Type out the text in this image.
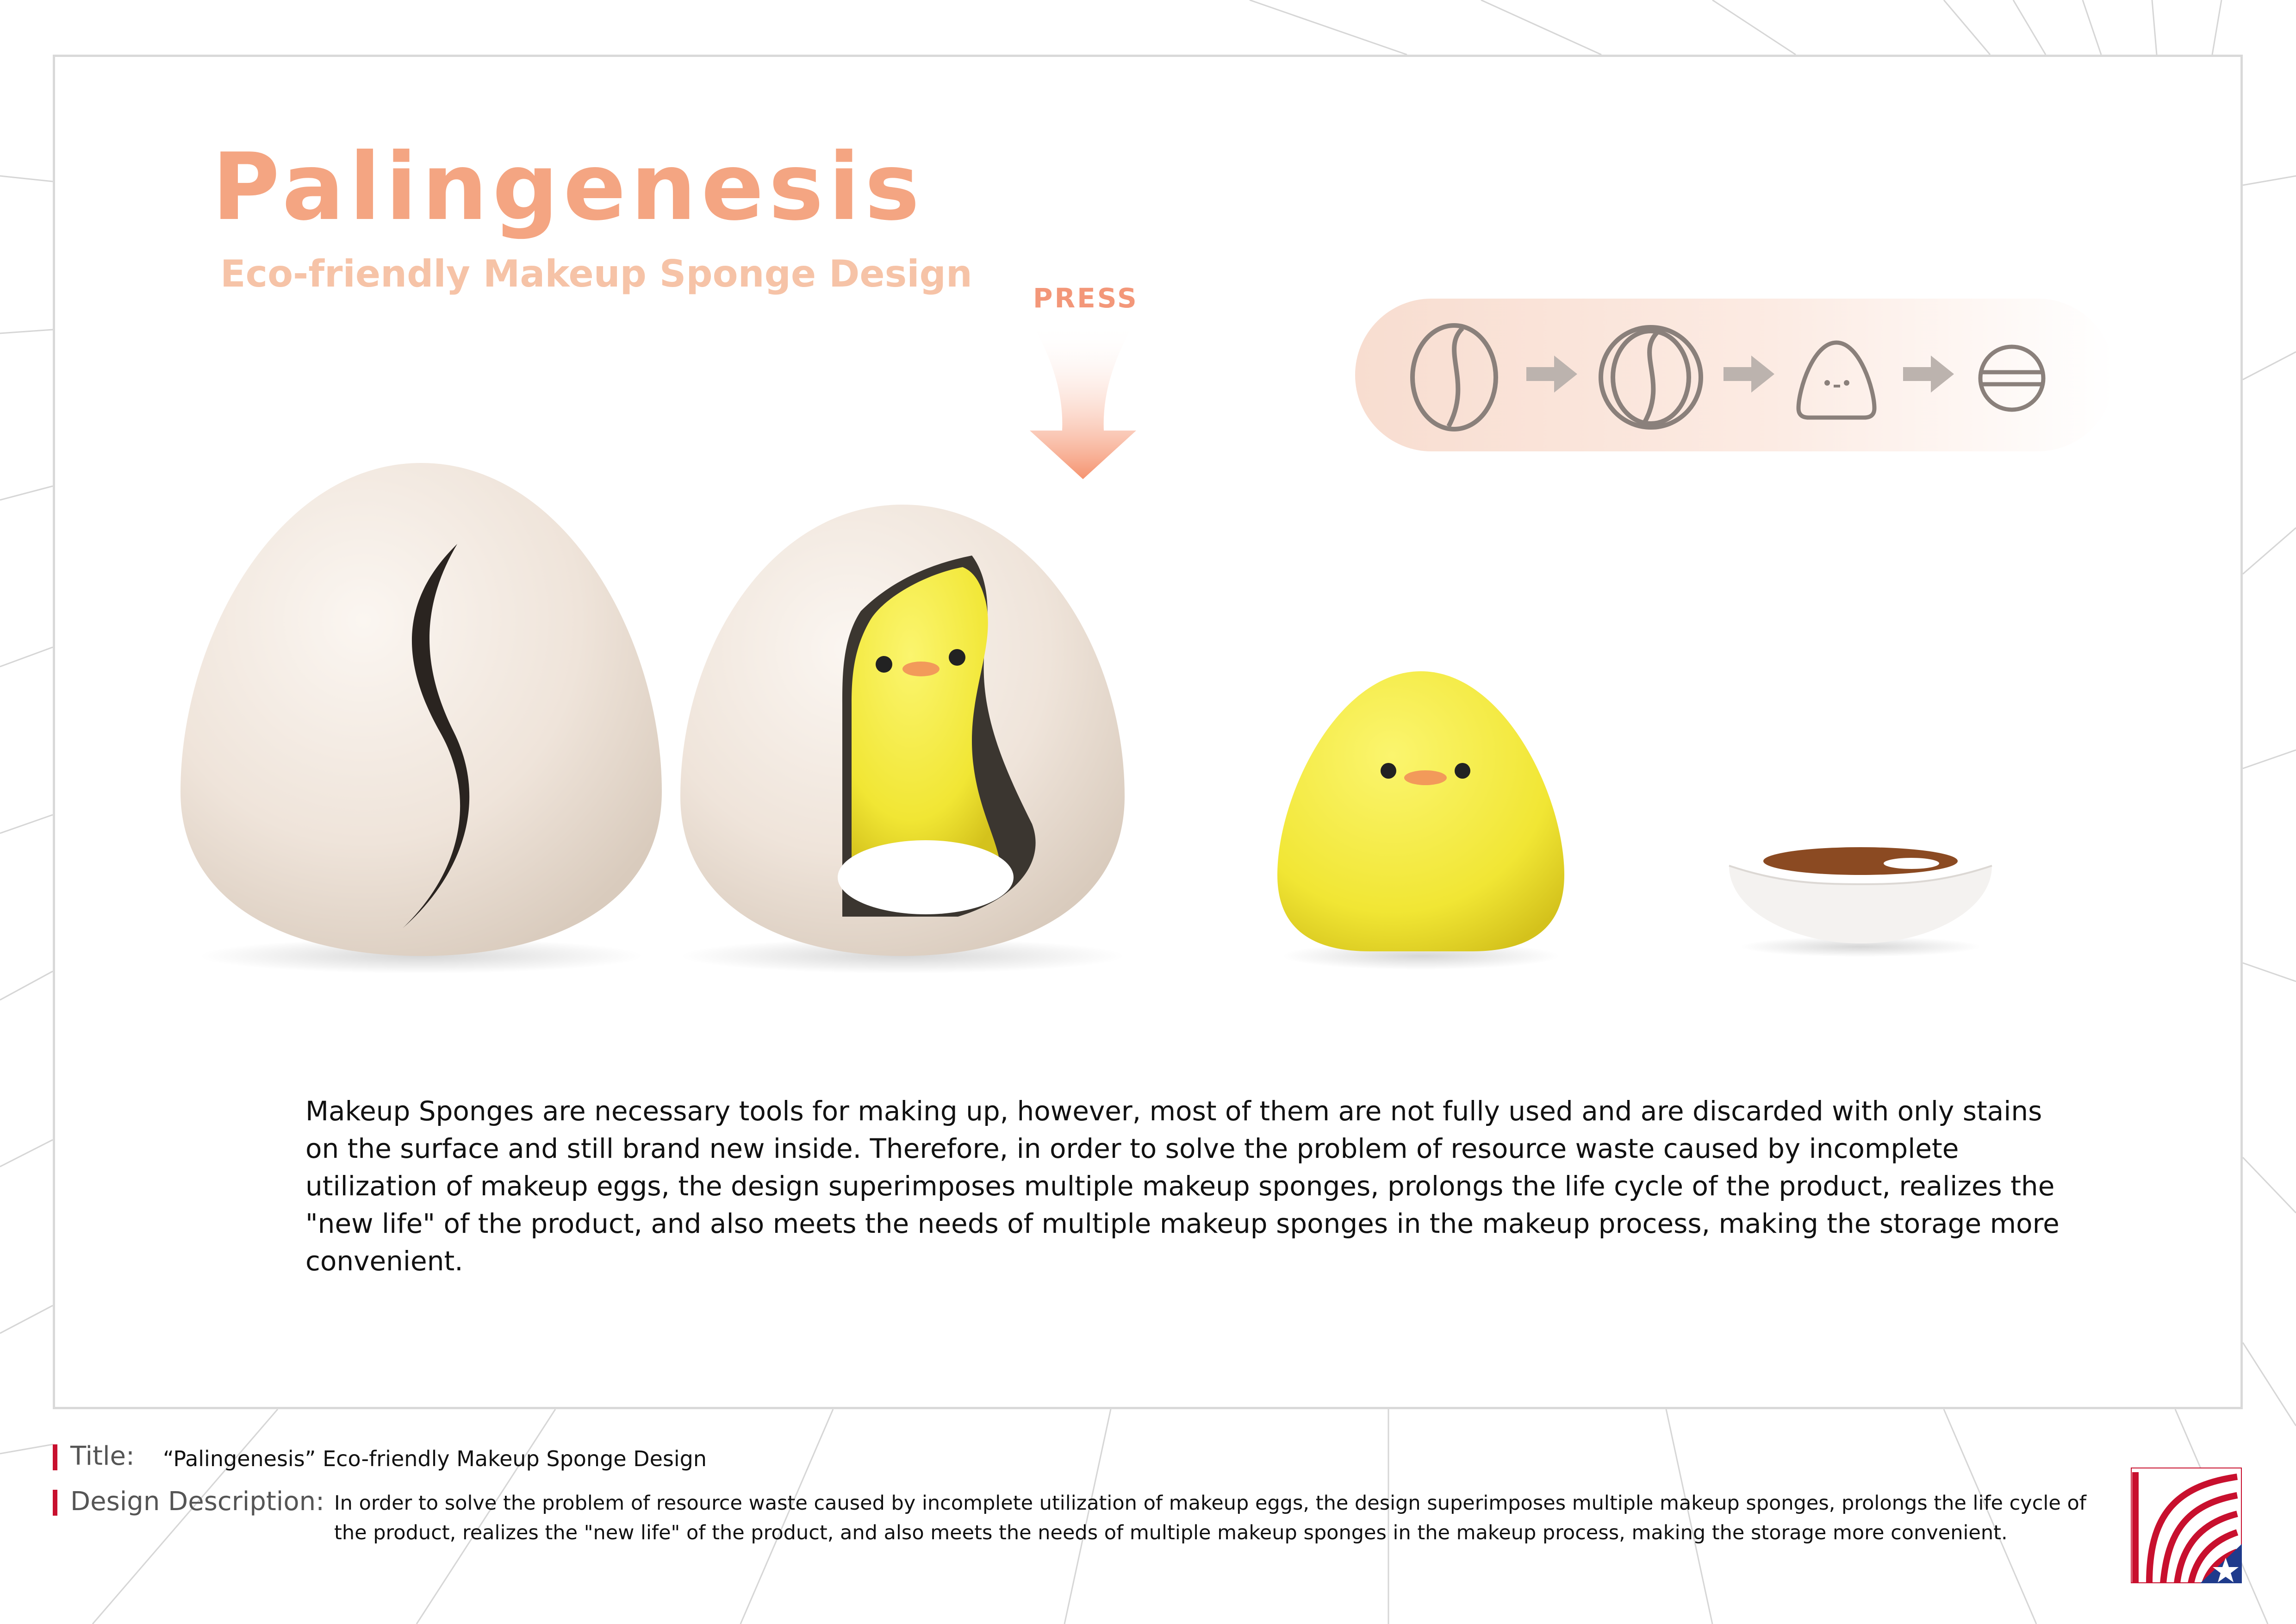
Palingenesis
Eco-friendly Makeup Sponge Design
PRESS

Makeup Sponges are necessary tools for making up, however, most of them are not fully used and are discarded with only stains on the surface and still brand new inside. Therefore, in order to solve the problem of resource waste caused by incomplete utilization of makeup eggs, the design superimposes multiple makeup sponges, prolongs the life cycle of the product, realizes the "new life" of the product, and also meets the needs of multiple makeup sponges in the makeup process, making the storage more convenient.

Title: “Palingenesis” Eco-friendly Makeup Sponge Design
Design Description: In order to solve the problem of resource waste caused by incomplete utilization of makeup eggs, the design superimposes multiple makeup sponges, prolongs the life cycle of the product, realizes the "new life" of the product, and also meets the needs of multiple makeup sponges in the makeup process, making the storage more convenient.
